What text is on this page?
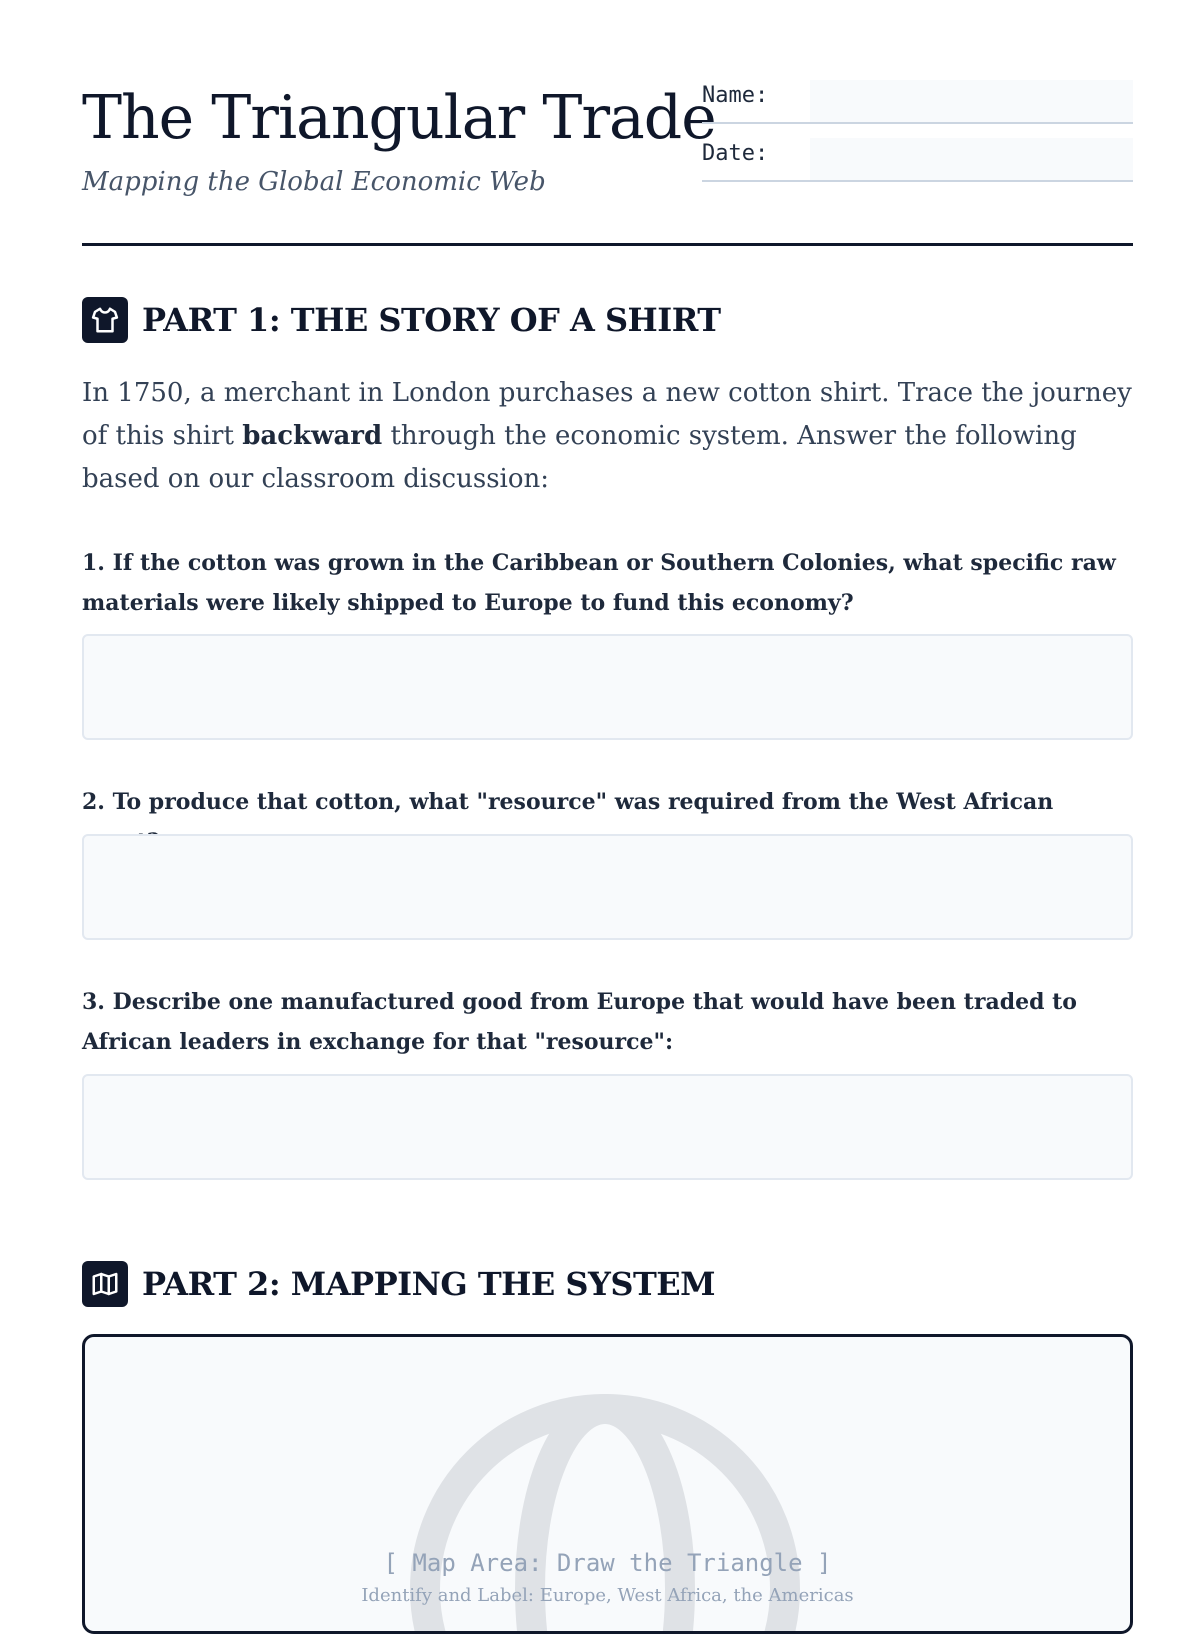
The Triangular Trade
Mapping the Global Economic Web
Name:
Date:
PART 1: THE STORY OF A SHIRT
In 1750, a merchant in London purchases a new cotton shirt. Trace the journey of this shirt backward through the economic system. Answer the following based on our classroom discussion:
1. If the cotton was grown in the Caribbean or Southern Colonies, what specific raw materials were likely shipped to Europe to fund this economy?
2. To produce that cotton, what "resource" was required from the West African
3. Describe one manufactured good from Europe that would have been traded to African leaders in exchange for that "resource":
PART 2: MAPPING THE SYSTEM
[ Map Area: Draw the Triangle ]
Identify and Label: Europe, West Africa, the Americas
